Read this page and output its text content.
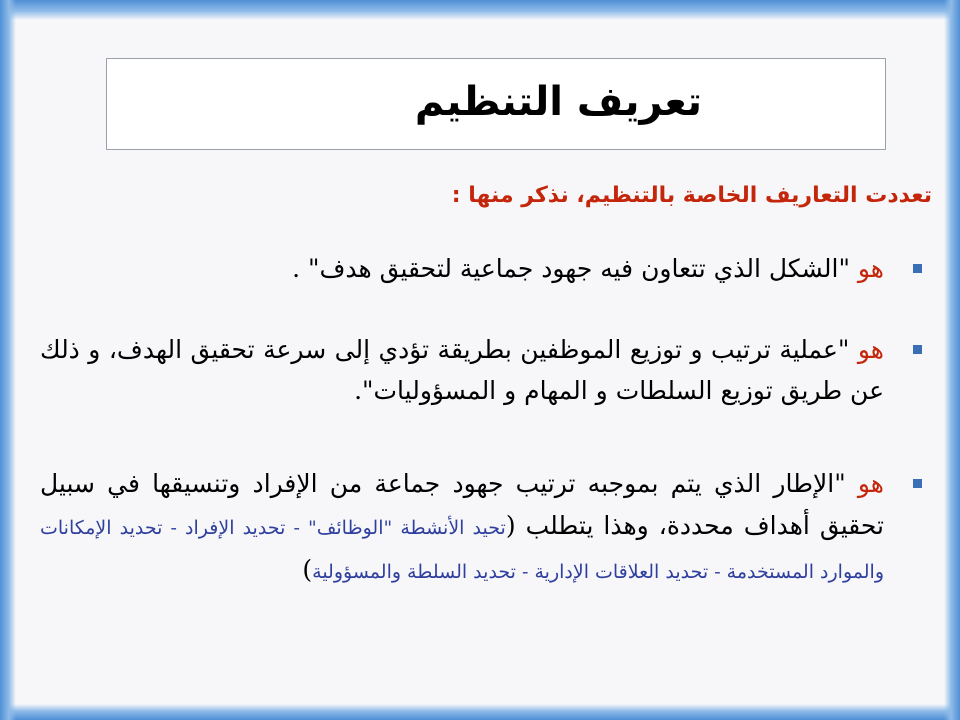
تعريف التنظيم

تعددت التعاريف الخاصة بالتنظيم، نذكر منها :

هو "الشكل الذي تتعاون فيه جهود جماعية لتحقيق هدف" .
هو "عملية ترتيب و توزيع الموظفين بطريقة تؤدي إلى سرعة تحقيق الهدف، و ذلك عن طريق توزيع السلطات و المهام و المسؤوليات".
هو "الإطار الذي يتم بموجبه ترتيب جهود جماعة من الإفراد وتنسيقها في سبيل تحقيق أهداف محددة، وهذا يتطلب (تحيد الأنشطة "الوظائف" - تحديد الإفراد - تحديد الإمكانات والموارد المستخدمة - تحديد العلاقات الإدارية - تحديد السلطة والمسؤولية)
